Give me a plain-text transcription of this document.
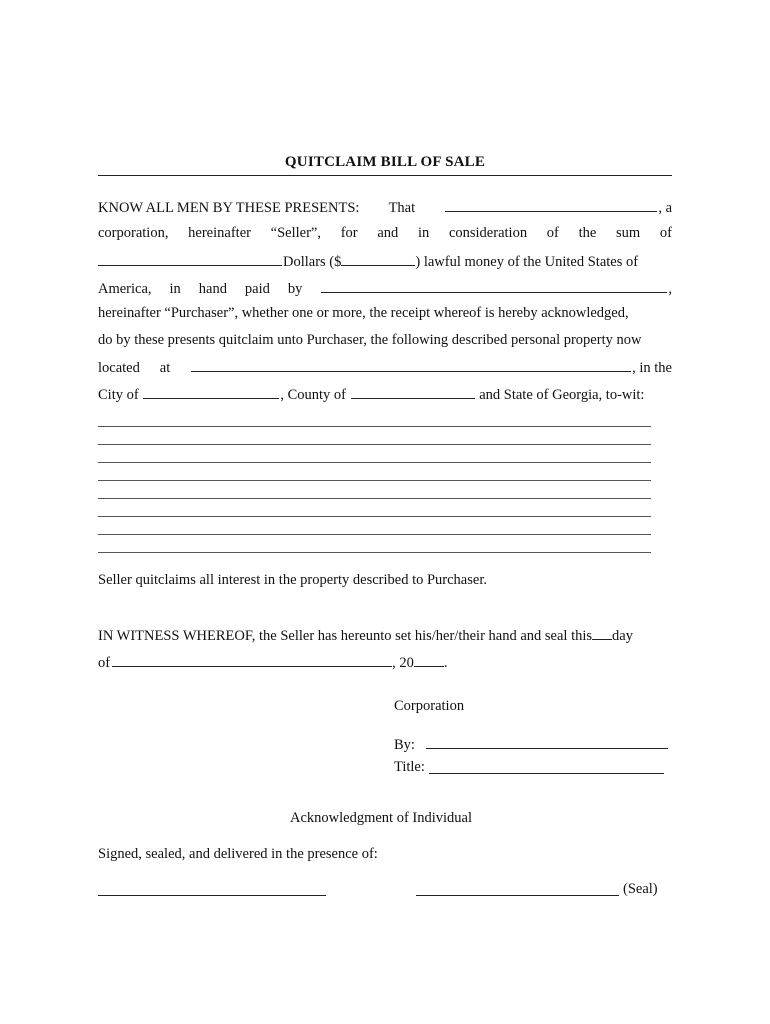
QUITCLAIM BILL OF SALE
KNOW ALL MEN BY THESE PRESENTS: That	, a
corporation, hereinafter “Seller”, for and in consideration of the sum of
Dollars ($	) lawful money of the United States of
America, in hand paid by	,
hereinafter “Purchaser”, whether one or more, the receipt whereof is hereby acknowledged,
do by these presents quitclaim unto Purchaser, the following described personal property now
located at	, in the
City of	, County of	and State of Georgia, to-wit:
Seller quitclaims all interest in the property described to Purchaser.
IN WITNESS WHEREOF, the Seller has hereunto set his/her/their hand and seal this day
of	, 20 .
Corporation
By:
Title:
Acknowledgment of Individual
Signed, sealed, and delivered in the presence of:
(Seal)
